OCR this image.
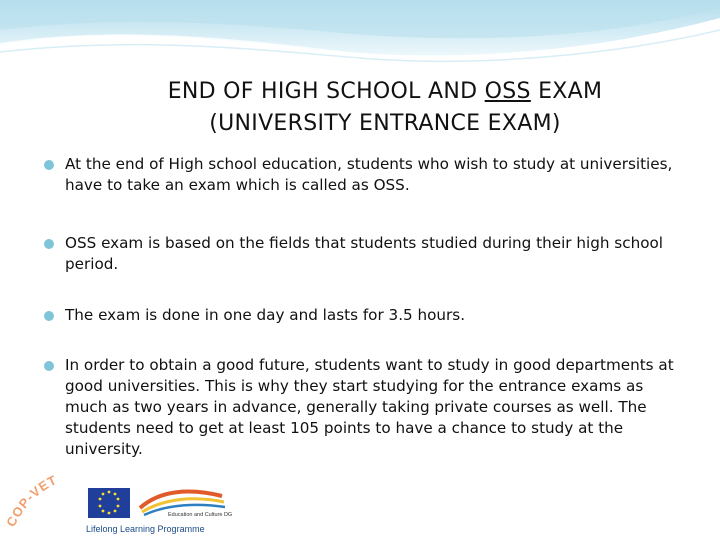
END OF HIGH SCHOOL AND OSS EXAM
(UNIVERSITY ENTRANCE EXAM)
At the end of High school education, students who wish to study at universities, have to take an exam which is called as OSS.
OSS exam is based on the fields that students studied during their high school period.
The exam is done in one day and lasts for 3.5 hours.
In order to obtain a good future, students want to study in good departments at good universities. This is why they start studying for the entrance exams as much as two years in advance, generally taking private courses as well. The students need to get at least 105 points to have a chance to study at the university.
COP-VET
Education and Culture DG
Lifelong Learning Programme
